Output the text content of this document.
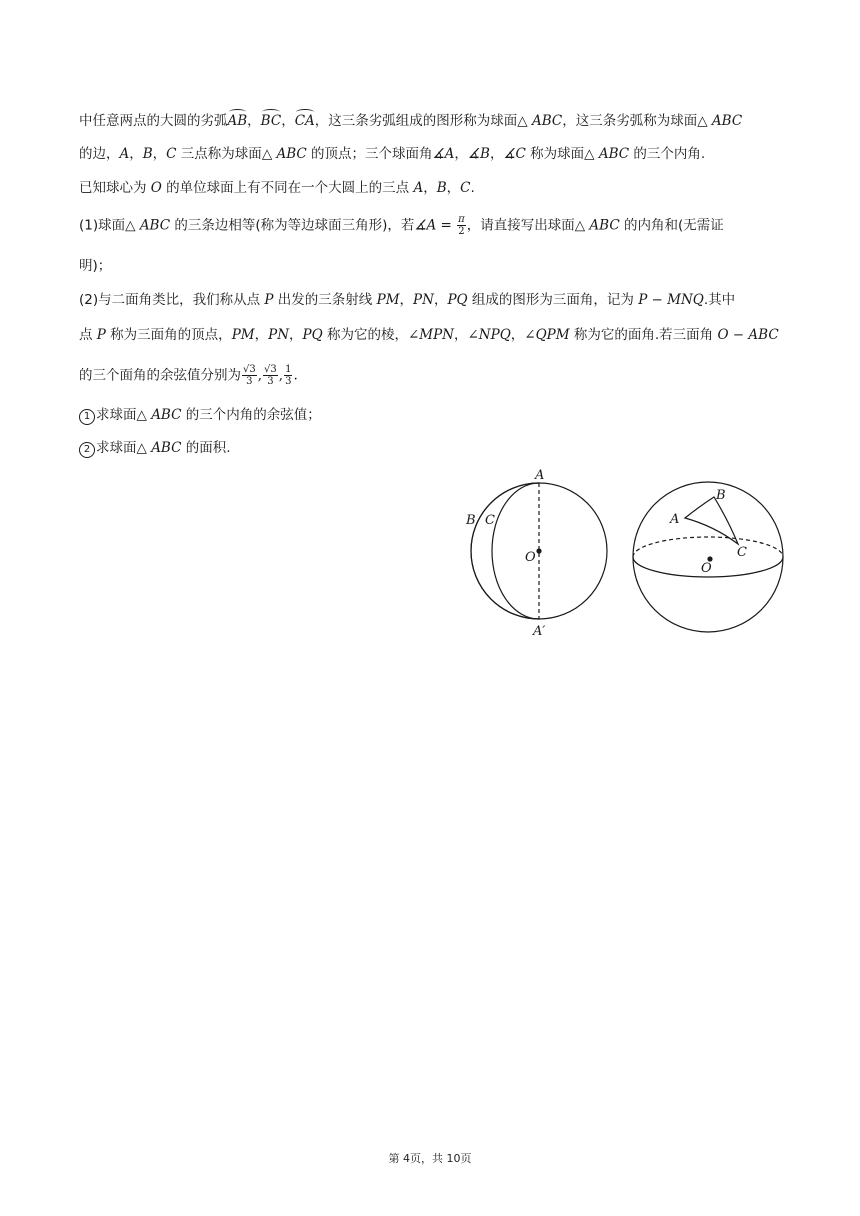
中任意两点的大圆的劣弧AB，BC，CA，这三条劣弧组成的图形称为球面△ ABC，这三条劣弧称为球面△ ABC
的边，A，B，C 三点称为球面△ ABC 的顶点；三个球面角∡A，∡B，∡C 称为球面△ ABC 的三个内角.
已知球心为 O 的单位球面上有不同在一个大圆上的三点 A，B，C.
(1)球面△ ABC 的三条边相等(称为等边球面三角形)，若∡A = $\frac{\pi}{2}$ ，请直接写出球面△ ABC 的内角和(无需证
明)；
(2)与二面角类比，我们称从点 P 出发的三条射线 PM，PN，PQ 组成的图形为三面角，记为 P − MNQ.其中
点 P 称为三面角的顶点，PM，PN，PQ 称为它的棱，∠MPN，∠NPQ，∠QPM 称为它的面角.若三面角 O − ABC
的三个面角的余弦值分别为 $\frac{√3}{3}$ , $\frac{√3}{3}$ , $\frac{1}{3}$ .
1 求球面△ ABC 的三个内角的余弦值；
2 求球面△ ABC 的面积.
A
B C
O
A′
A
B
C
O
第 4页，共 10页
